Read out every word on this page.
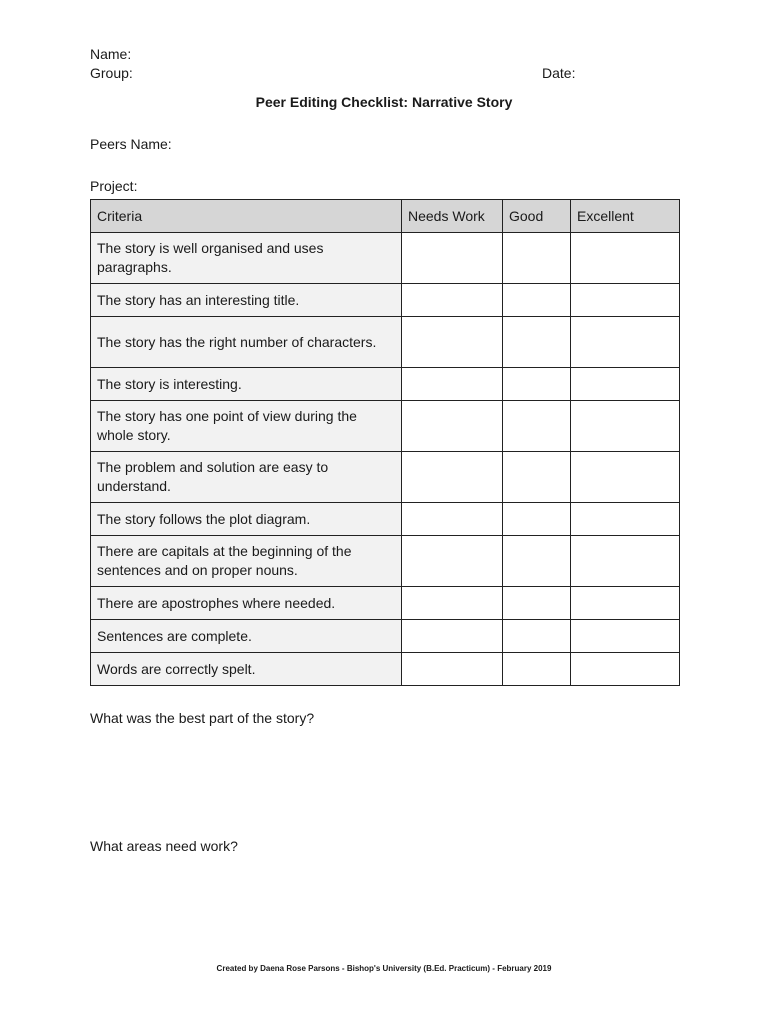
Name:
Group:	Date:
Peer Editing Checklist: Narrative Story
Peers Name:
Project:
Criteria	Needs Work	Good	Excellent
The story is well organised and uses paragraphs.			
The story has an interesting title.			
The story has the right number of characters.			
The story is interesting.			
The story has one point of view during the whole story.			
The problem and solution are easy to understand.			
The story follows the plot diagram.			
There are capitals at the beginning of the sentences and on proper nouns.			
There are apostrophes where needed.			
Sentences are complete.			
Words are correctly spelt.			
What was the best part of the story?
What areas need work?
Created by Daena Rose Parsons - Bishop's University (B.Ed. Practicum) - February 2019
